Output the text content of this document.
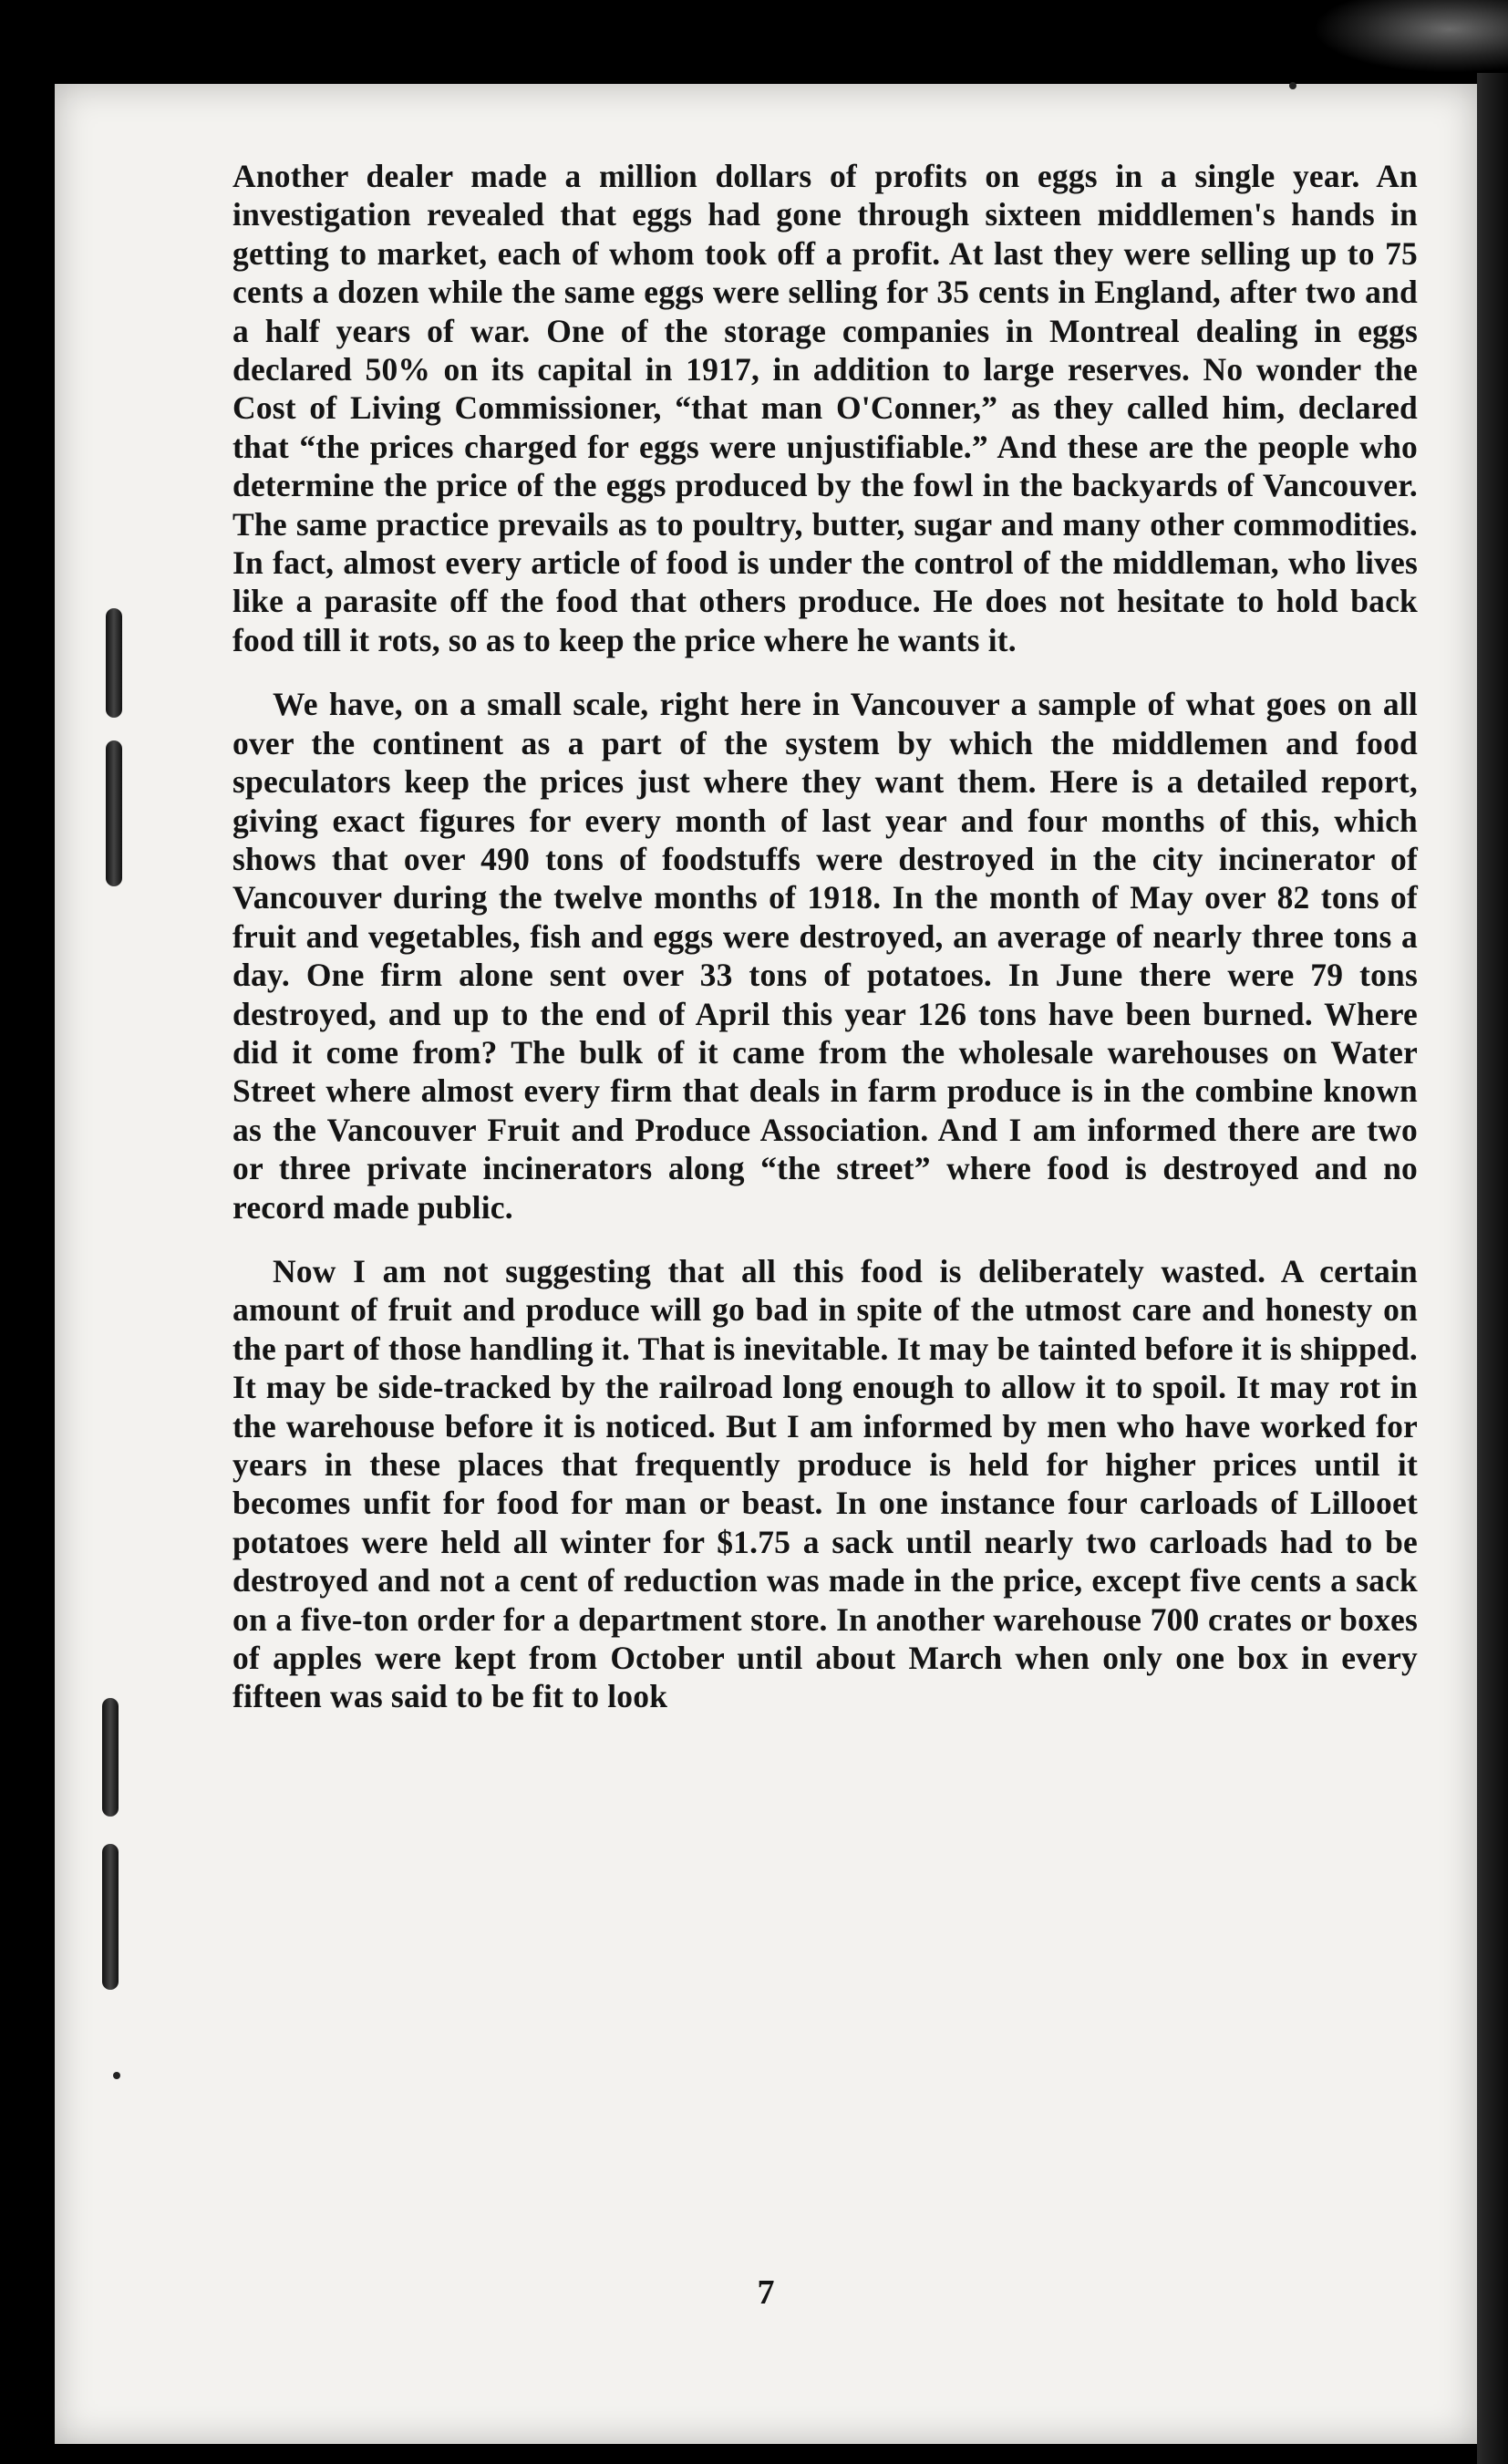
Another dealer made a million dollars of profits on eggs in a single year. An investigation revealed that eggs had gone through sixteen middlemen's hands in getting to market, each of whom took off a profit. At last they were selling up to 75 cents a dozen while the same eggs were selling for 35 cents in England, after two and a half years of war. One of the storage companies in Montreal dealing in eggs declared 50% on its capital in 1917, in addition to large reserves. No wonder the Cost of Living Commissioner, “that man O'Conner,” as they called him, declared that “the prices charged for eggs were unjustifiable.” And these are the people who determine the price of the eggs produced by the fowl in the backyards of Vancouver. The same practice prevails as to poultry, butter, sugar and many other commodities. In fact, almost every article of food is under the control of the middleman, who lives like a parasite off the food that others produce. He does not hesitate to hold back food till it rots, so as to keep the price where he wants it.

We have, on a small scale, right here in Vancouver a sample of what goes on all over the continent as a part of the system by which the middlemen and food speculators keep the prices just where they want them. Here is a detailed report, giving exact figures for every month of last year and four months of this, which shows that over 490 tons of foodstuffs were destroyed in the city incinerator of Vancouver during the twelve months of 1918. In the month of May over 82 tons of fruit and vegetables, fish and eggs were destroyed, an average of nearly three tons a day. One firm alone sent over 33 tons of potatoes. In June there were 79 tons destroyed, and up to the end of April this year 126 tons have been burned. Where did it come from? The bulk of it came from the wholesale warehouses on Water Street where almost every firm that deals in farm produce is in the combine known as the Vancouver Fruit and Produce Association. And I am informed there are two or three private incinerators along “the street” where food is destroyed and no record made public.

Now I am not suggesting that all this food is deliberately wasted. A certain amount of fruit and produce will go bad in spite of the utmost care and honesty on the part of those handling it. That is inevitable. It may be tainted before it is shipped. It may be side-tracked by the railroad long enough to allow it to spoil. It may rot in the warehouse before it is noticed. But I am informed by men who have worked for years in these places that frequently produce is held for higher prices until it becomes unfit for food for man or beast. In one instance four carloads of Lillooet potatoes were held all winter for $1.75 a sack until nearly two carloads had to be destroyed and not a cent of reduction was made in the price, except five cents a sack on a five-ton order for a department store. In another warehouse 700 crates or boxes of apples were kept from October until about March when only one box in every fifteen was said to be fit to look

7
